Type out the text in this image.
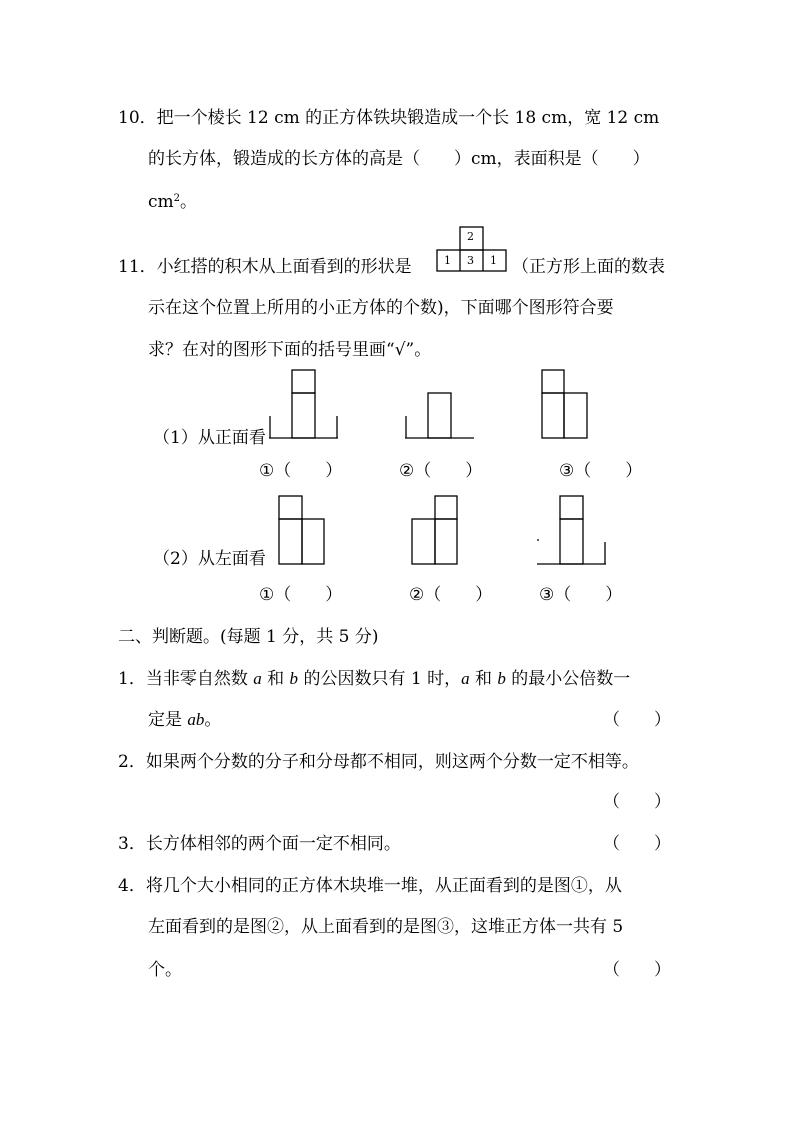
10．把一个棱长 12 cm 的正方体铁块锻造成一个长 18 cm，宽 12 cm
的长方体，锻造成的长方体的高是（　　）cm，表面积是（　　）
$cm^2$。
11．小红搭的积木从上面看到的形状是
2
1 3 1 （正方形上面的数表
示在这个位置上所用的小正方体的个数)，下面哪个图形符合要
求？在对的图形下面的括号里画“√”。
（1）从正面看
①（　　）	②（　　）	③（　　）
（2）从左面看
①（　　）	②（　　）	③（　　）
二、判断题。(每题 1 分，共 5 分)
1．当非零自然数 a 和 b 的公因数只有 1 时，a 和 b 的最小公倍数一
定是 ab。	（　　）
2．如果两个分数的分子和分母都不相同，则这两个分数一定不相等。
（　　）
3．长方体相邻的两个面一定不相同。	（　　）
4．将几个大小相同的正方体木块堆一堆，从正面看到的是图①，从
左面看到的是图②，从上面看到的是图③，这堆正方体一共有 5
个。	（　　）
